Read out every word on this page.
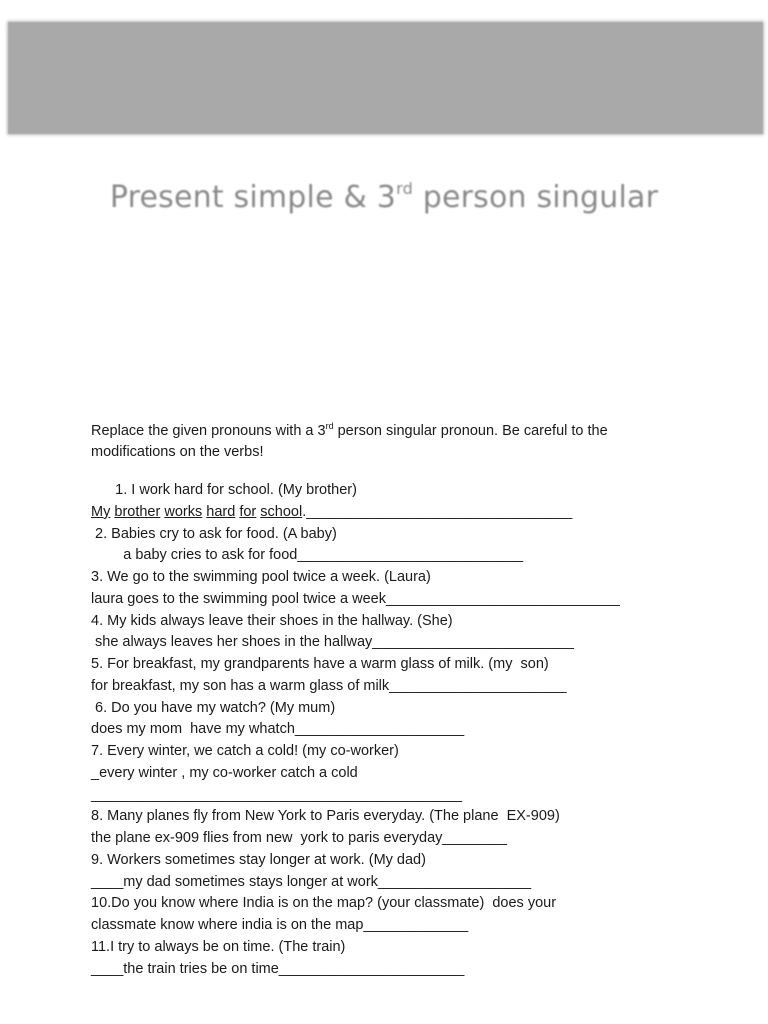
Present simple & 3rd person singular
Replace the given pronouns with a 3rd person singular pronoun. Be careful to the modifications on the verbs!
1. I work hard for school. (My brother)
My brother works hard for school._________________________________
2. Babies cry to ask for food. (A baby)
a baby cries to ask for food____________________________
3. We go to the swimming pool twice a week. (Laura)
laura goes to the swimming pool twice a week_____________________________
4. My kids always leave their shoes in the hallway. (She)
she always leaves her shoes in the hallway_________________________
5. For breakfast, my grandparents have a warm glass of milk. (my  son)
for breakfast, my son has a warm glass of milk______________________
6. Do you have my watch? (My mum)
does my mom  have my whatch_____________________
7. Every winter, we catch a cold! (my co-worker)
_every winter , my co-worker catch a cold
______________________________________________
8. Many planes fly from New York to Paris everyday. (The plane  EX-909)
the plane ex-909 flies from new  york to paris everyday________
9. Workers sometimes stay longer at work. (My dad)
____my dad sometimes stays longer at work___________________
10.Do you know where India is on the map? (your classmate)  does your
classmate know where india is on the map_____________
11.I try to always be on time. (The train)
____the train tries be on time_______________________
